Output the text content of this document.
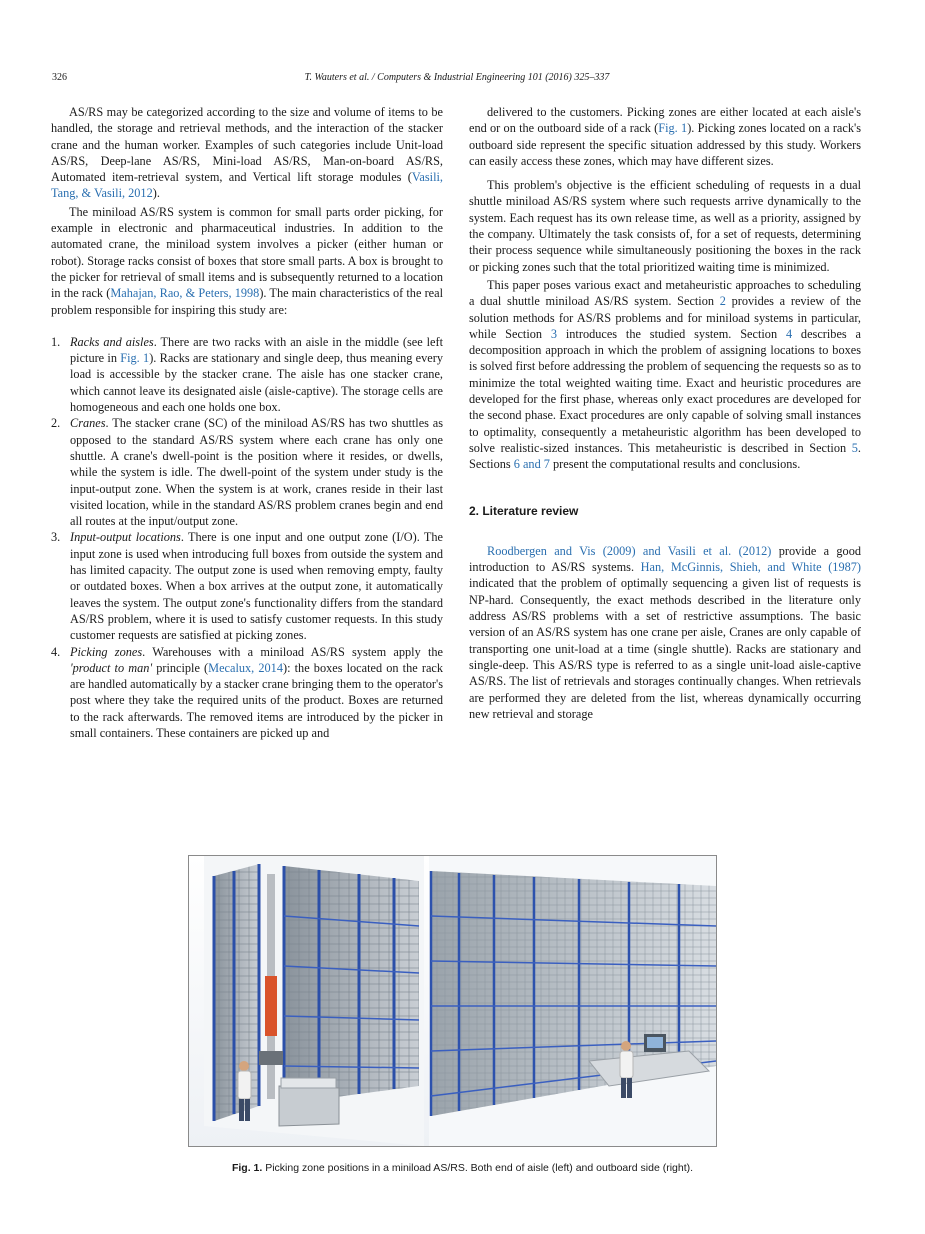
326	T. Wauters et al. / Computers & Industrial Engineering 101 (2016) 325–337

AS/RS may be categorized according to the size and volume of items to be handled, the storage and retrieval methods, and the interaction of the stacker crane and the human worker. Examples of such categories include Unit-load AS/RS, Deep-lane AS/RS, Mini-load AS/RS, Man-on-board AS/RS, Automated item-retrieval system, and Vertical lift storage modules (Vasili, Tang, & Vasili, 2012).

The miniload AS/RS system is common for small parts order picking, for example in electronic and pharmaceutical industries. In addition to the automated crane, the miniload system involves a picker (either human or robot). Storage racks consist of boxes that store small parts. A box is brought to the picker for retrieval of small items and is subsequently returned to a location in the rack (Mahajan, Rao, & Peters, 1998). The main characteristics of the real problem responsible for inspiring this study are:

1. Racks and aisles. There are two racks with an aisle in the middle (see left picture in Fig. 1). Racks are stationary and single deep, thus meaning every load is accessible by the stacker crane. The aisle has one stacker crane, which cannot leave its designated aisle (aisle-captive). The storage cells are homogeneous and each one holds one box.
2. Cranes. The stacker crane (SC) of the miniload AS/RS has two shuttles as opposed to the standard AS/RS system where each crane has only one shuttle. A crane's dwell-point is the position where it resides, or dwells, while the system is idle. The dwell-point of the system under study is the input-output zone. When the system is at work, cranes reside in their last visited location, while in the standard AS/RS problem cranes begin and end all routes at the input/output zone.
3. Input-output locations. There is one input and one output zone (I/O). The input zone is used when introducing full boxes from outside the system and has limited capacity. The output zone is used when removing empty, faulty or outdated boxes. When a box arrives at the output zone, it automatically leaves the system. The output zone's functionality differs from the standard AS/RS problem, where it is used to satisfy customer requests. In this study customer requests are satisfied at picking zones.
4. Picking zones. Warehouses with a miniload AS/RS system apply the 'product to man' principle (Mecalux, 2014): the boxes located on the rack are handled automatically by a stacker crane bringing them to the operator's post where they take the required units of the product. Boxes are returned to the rack afterwards. The removed items are introduced by the picker in small containers. These containers are picked up and

delivered to the customers. Picking zones are either located at each aisle's end or on the outboard side of a rack (Fig. 1). Picking zones located on a rack's outboard side represent the specific situation addressed by this study. Workers can easily access these zones, which may have different sizes.

This problem's objective is the efficient scheduling of requests in a dual shuttle miniload AS/RS system where such requests arrive dynamically to the system. Each request has its own release time, as well as a priority, assigned by the company. Ultimately the task consists of, for a set of requests, determining their process sequence while simultaneously positioning the boxes in the rack or picking zones such that the total prioritized waiting time is minimized.

This paper poses various exact and metaheuristic approaches to scheduling a dual shuttle miniload AS/RS system. Section 2 provides a review of the solution methods for AS/RS problems and for miniload systems in particular, while Section 3 introduces the studied system. Section 4 describes a decomposition approach in which the problem of assigning locations to boxes is solved first before addressing the problem of sequencing the requests so as to minimize the total weighted waiting time. Exact and heuristic procedures are developed for the first phase, whereas only exact procedures are developed for the second phase. Exact procedures are only capable of solving small instances to optimality, consequently a metaheuristic algorithm has been developed to solve realistic-sized instances. This metaheuristic is described in Section 5. Sections 6 and 7 present the computational results and conclusions.

2. Literature review

Roodbergen and Vis (2009) and Vasili et al. (2012) provide a good introduction to AS/RS systems. Han, McGinnis, Shieh, and White (1987) indicated that the problem of optimally sequencing a given list of requests is NP-hard. Consequently, the exact methods described in the literature only address AS/RS problems with a set of restrictive assumptions. The basic version of an AS/RS system has one crane per aisle, Cranes are only capable of transporting one unit-load at a time (single shuttle). Racks are stationary and single-deep. This AS/RS type is referred to as a single unit-load aisle-captive AS/RS. The list of retrievals and storages continually changes. When retrievals are performed they are deleted from the list, whereas dynamically occurring new retrieval and storage

Fig. 1. Picking zone positions in a miniload AS/RS. Both end of aisle (left) and outboard side (right).
